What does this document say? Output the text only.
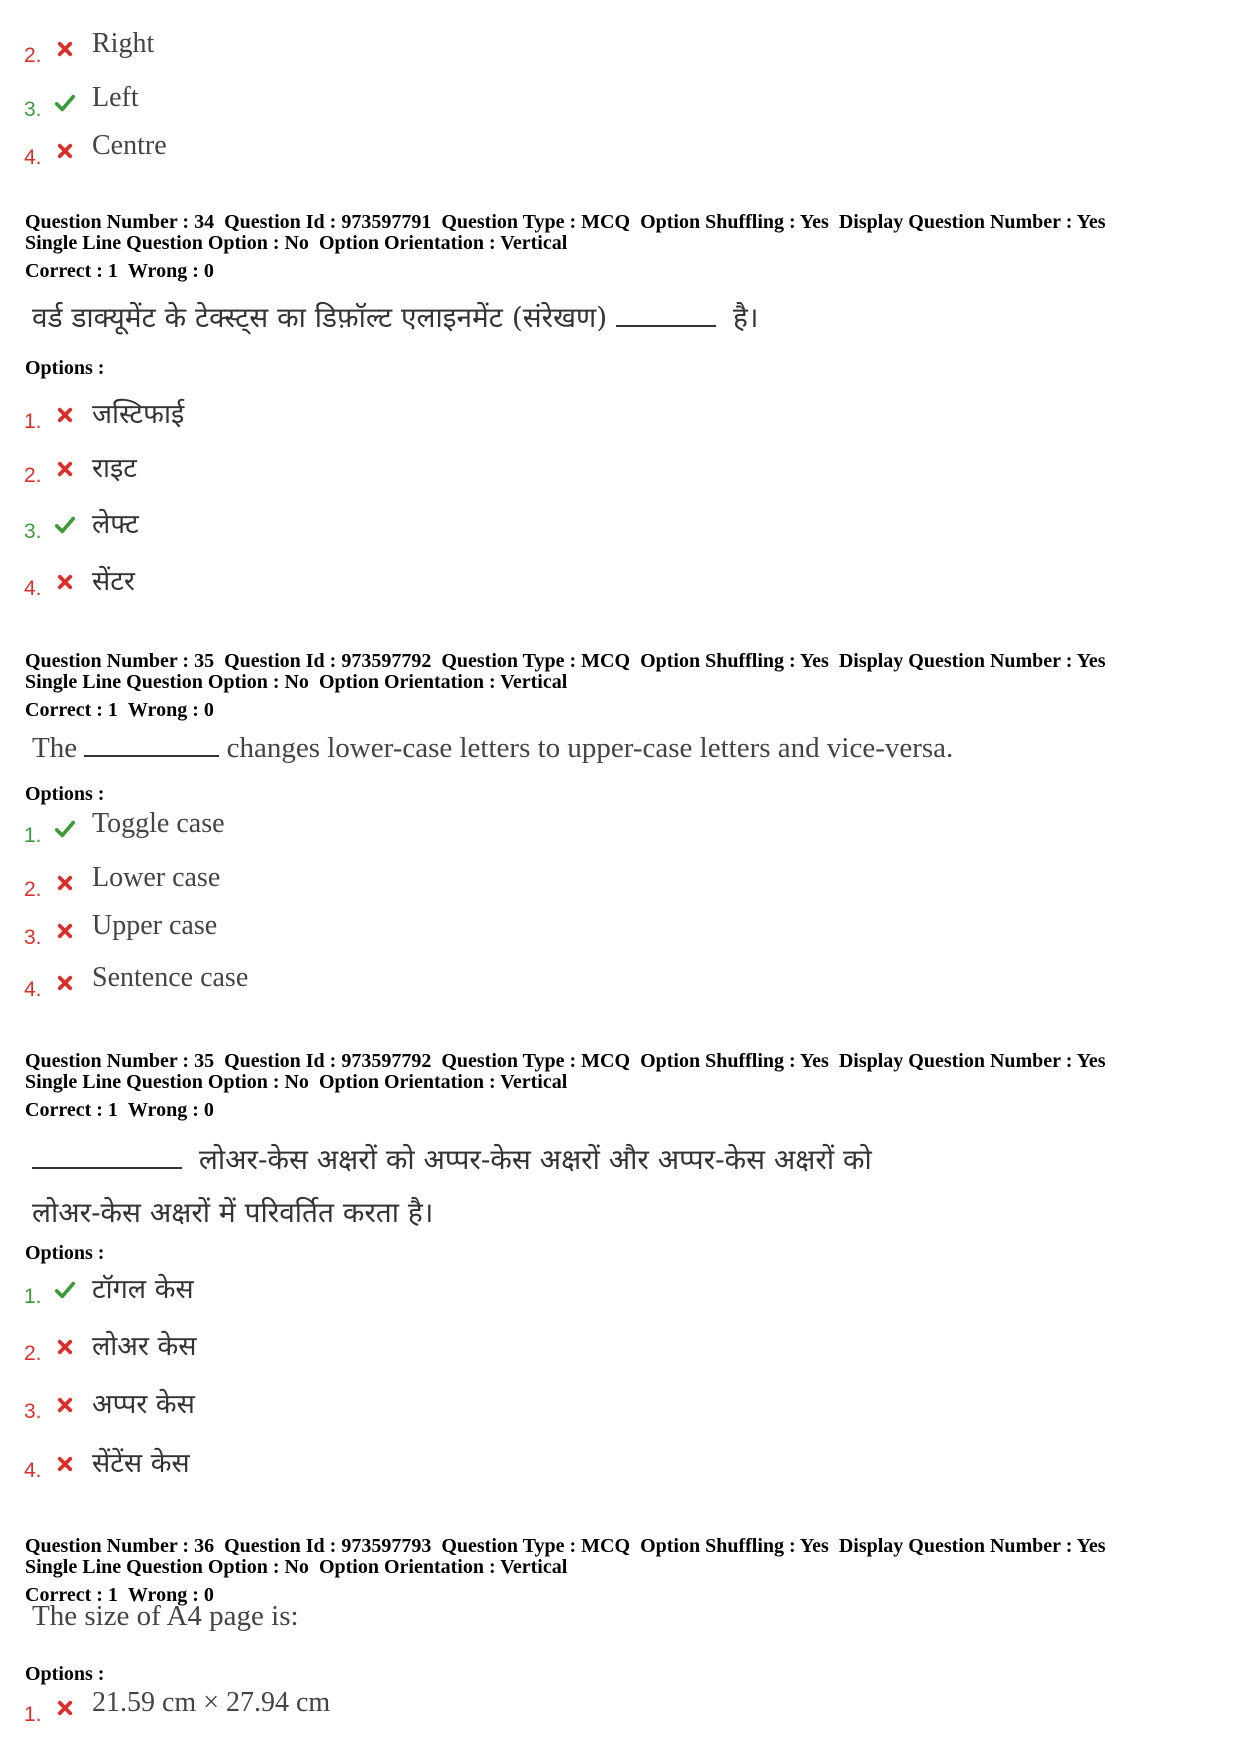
2. Right
3. Left
4. Centre
Question Number : 34 Question Id : 973597791 Question Type : MCQ Option Shuffling : Yes Display Question Number : Yes
Single Line Question Option : No Option Orientation : Vertical
Correct : 1 Wrong : 0
वर्ड डाक्यूमेंट के टेक्स्ट्स का डिफ़ॉल्ट एलाइनमेंट (संरेखण)	है।
Options :
1. जस्टिफाई
2. राइट
3. लेफ्ट
4. सेंटर
Question Number : 35 Question Id : 973597792 Question Type : MCQ Option Shuffling : Yes Display Question Number : Yes
Single Line Question Option : No Option Orientation : Vertical
Correct : 1 Wrong : 0
The	changes lower-case letters to upper-case letters and vice-versa.
Options :
1. Toggle case
2. Lower case
3. Upper case
4. Sentence case
Question Number : 35 Question Id : 973597792 Question Type : MCQ Option Shuffling : Yes Display Question Number : Yes
Single Line Question Option : No Option Orientation : Vertical
Correct : 1 Wrong : 0
लोअर-केस अक्षरों को अप्पर-केस अक्षरों और अप्पर-केस अक्षरों को
लोअर-केस अक्षरों में परिवर्तित करता है।
Options :
1. टॉगल केस
2. लोअर केस
3. अप्पर केस
4. सेंटेंस केस
Question Number : 36 Question Id : 973597793 Question Type : MCQ Option Shuffling : Yes Display Question Number : Yes
Single Line Question Option : No Option Orientation : Vertical
Correct : 1 Wrong : 0
The size of A4 page is:
Options :
1. 21.59 cm × 27.94 cm
